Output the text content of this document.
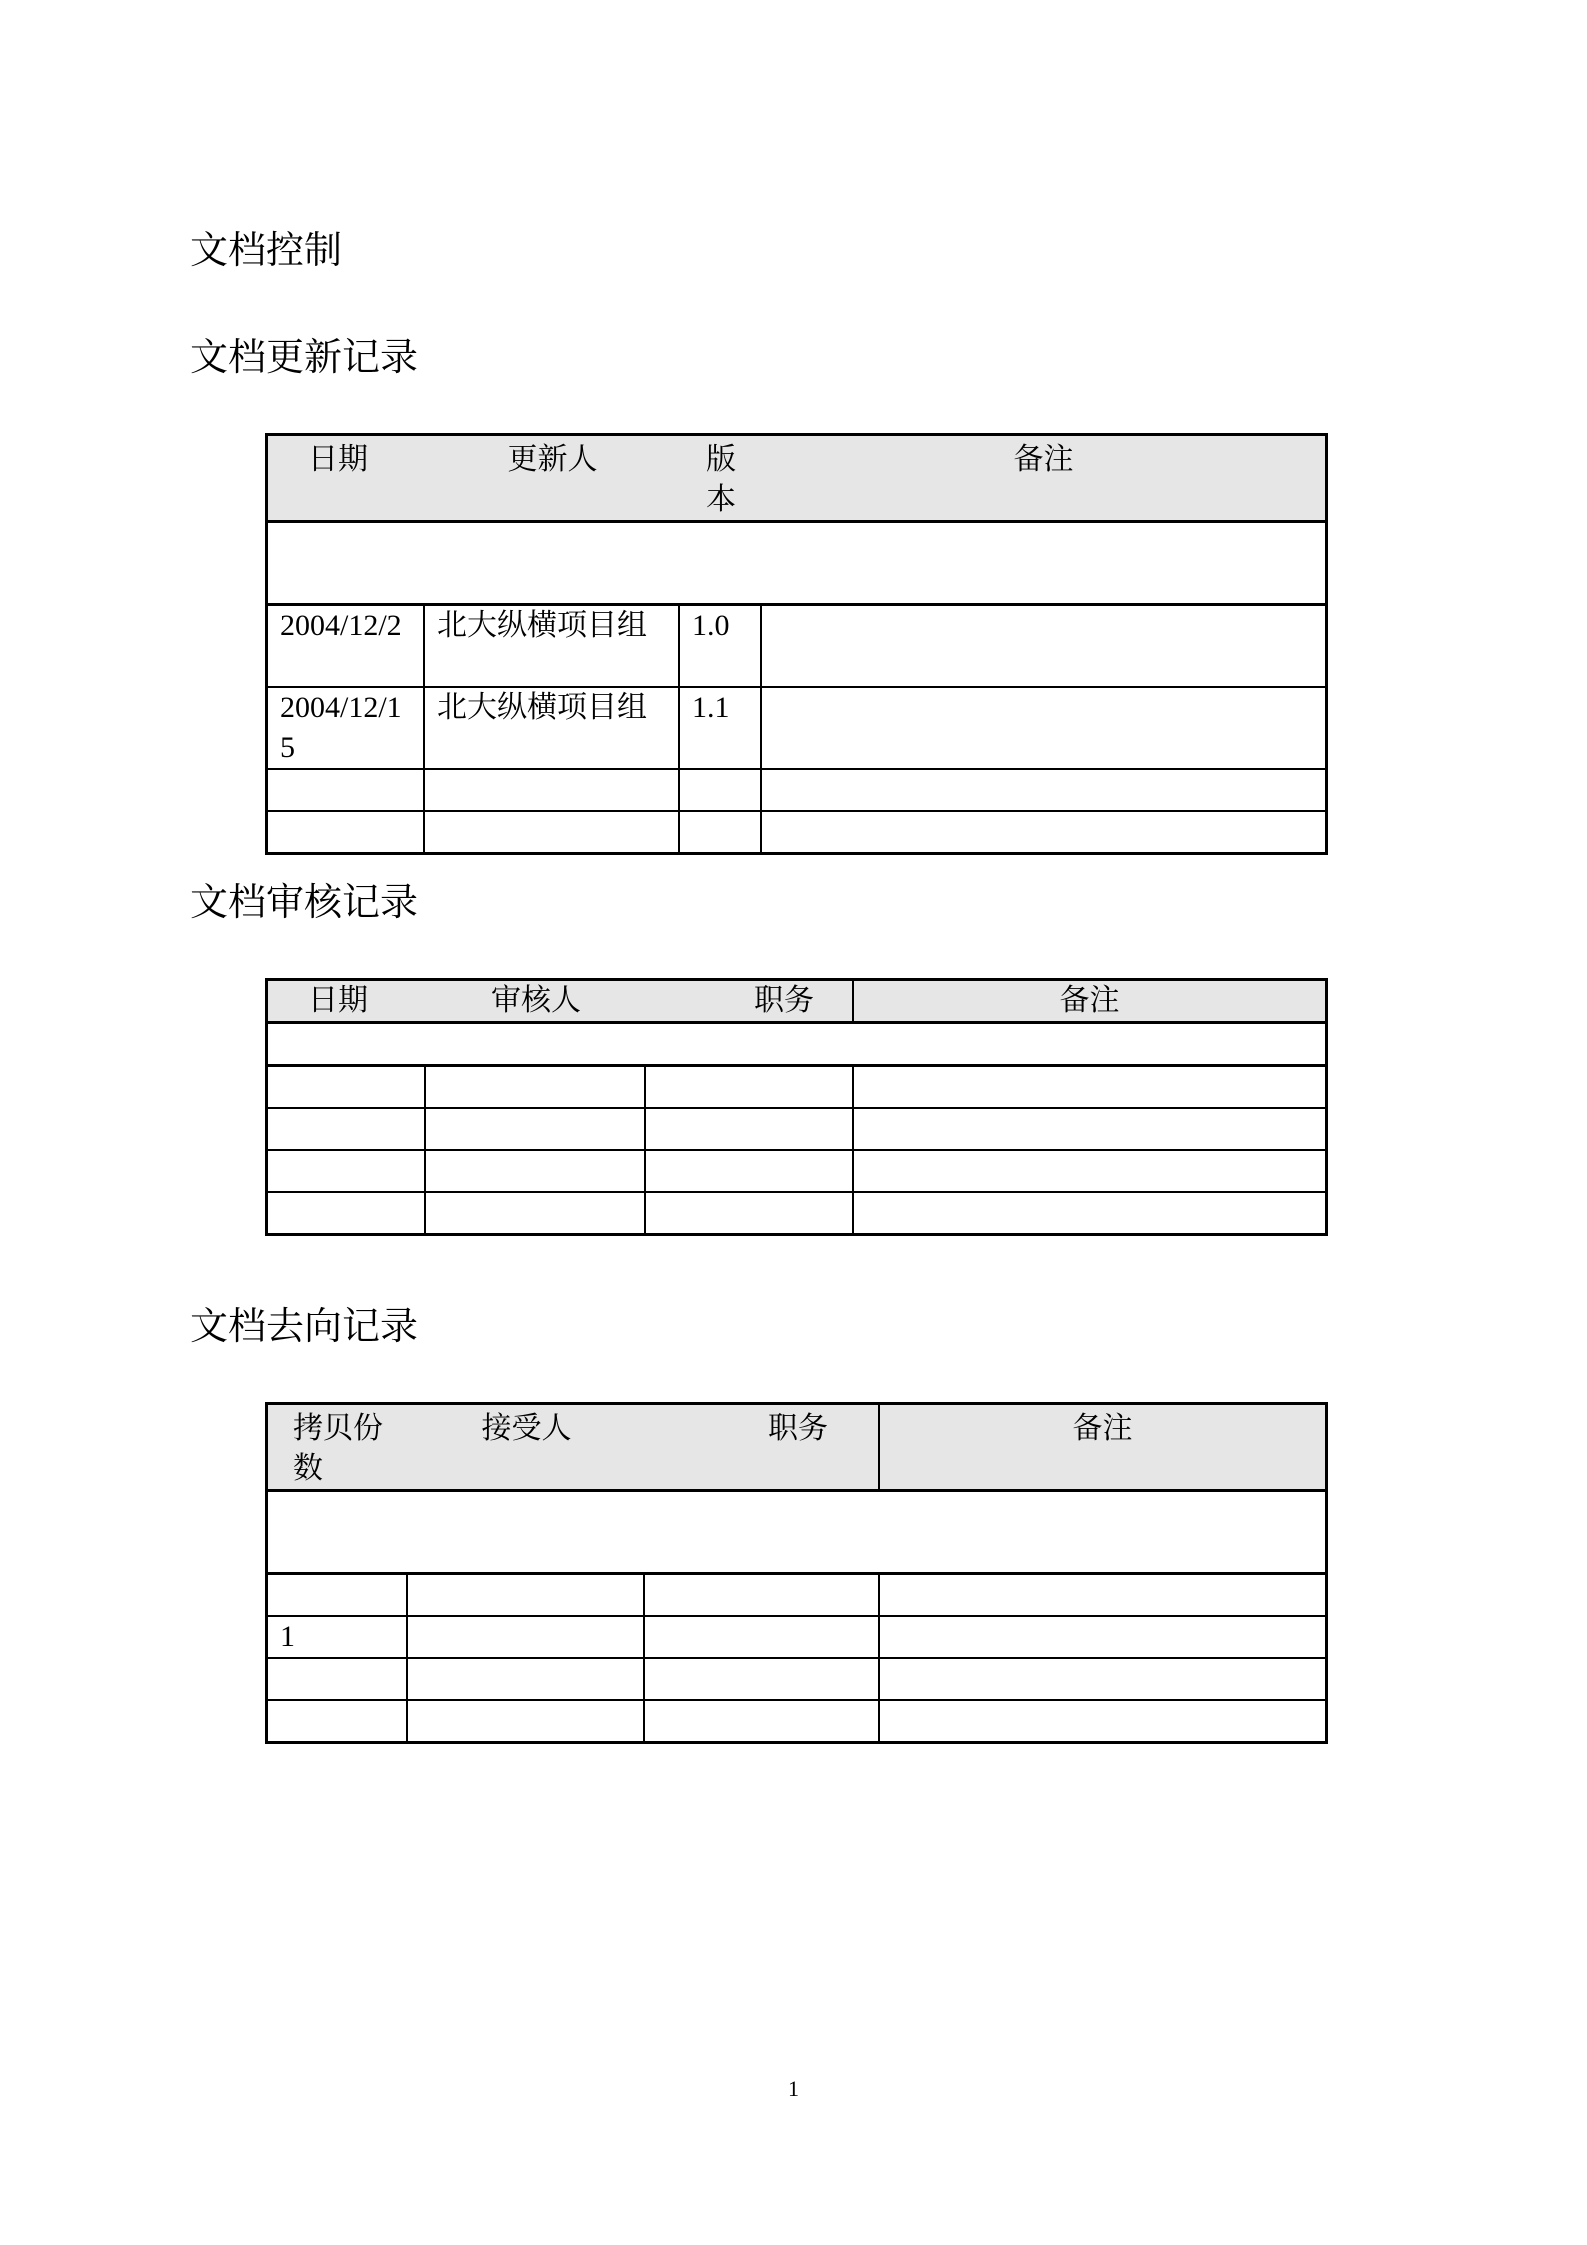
文档控制
文档更新记录
日期	更新人	版本	备注

2004/12/2	北大纵横项目组	1.0	
2004/12/15	北大纵横项目组	1.1	

文档审核记录
日期	审核人	职务	备注

文档去向记录
拷贝份数	接受人	职务	备注

1			

1
